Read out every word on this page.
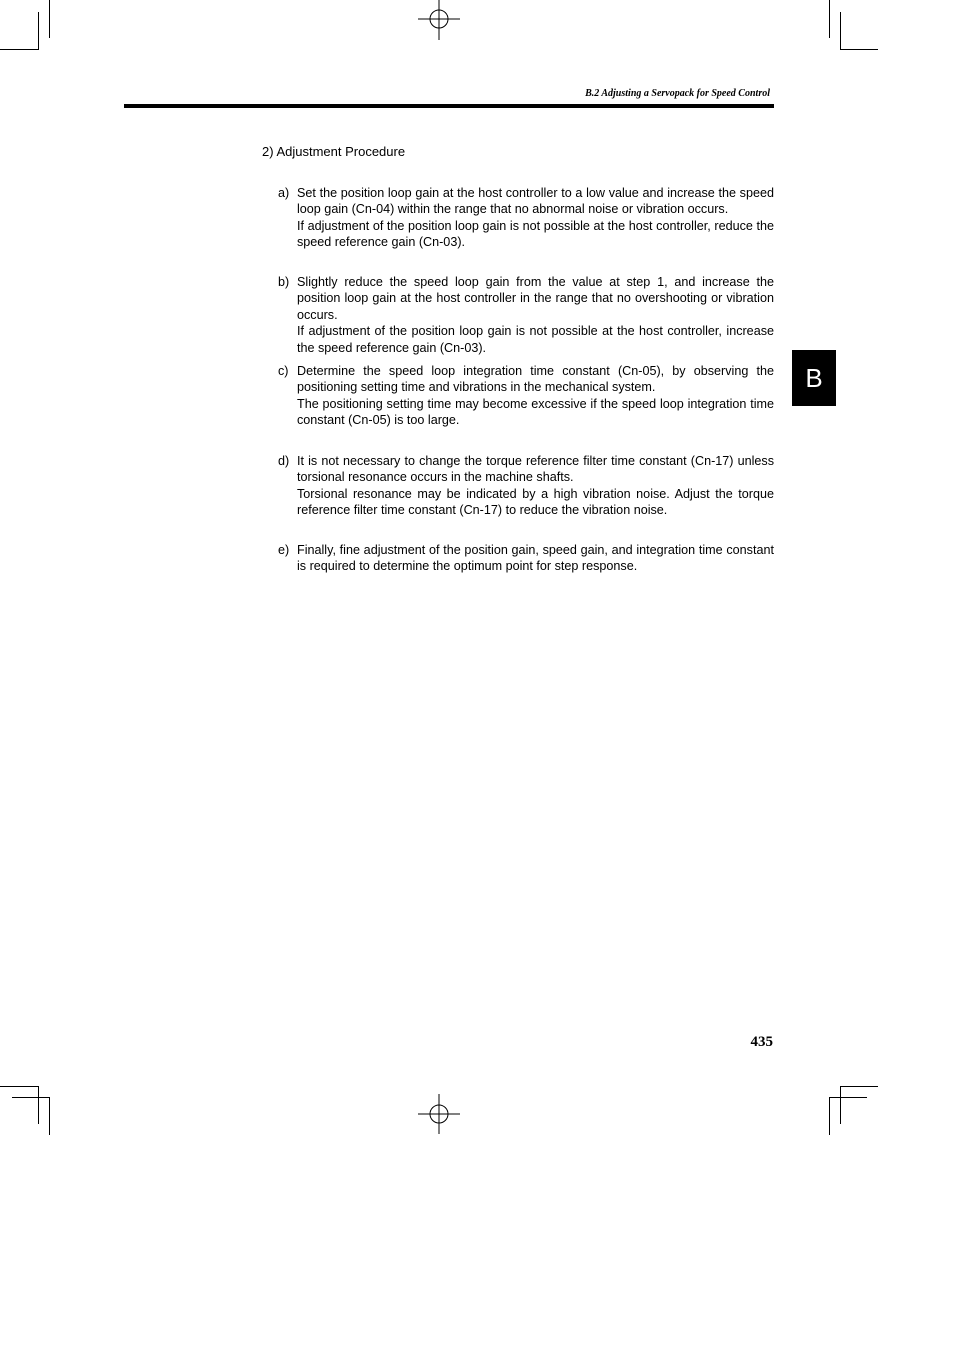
B.2 Adjusting a Servopack for Speed Control
2) Adjustment Procedure
a) Set the position loop gain at the host controller to a low value and increase the speed loop gain (Cn-04) within the range that no abnormal noise or vibration occurs.

If adjustment of the position loop gain is not possible at the host controller, reduce the speed reference gain (Cn-03).

b) Slightly reduce the speed loop gain from the value at step 1, and increase the position loop gain at the host controller in the range that no overshooting or vibration occurs.

If adjustment of the position loop gain is not possible at the host controller, increase the speed reference gain (Cn-03).

c) Determine the speed loop integration time constant (Cn-05), by observing the positioning setting time and vibrations in the mechanical system.

The positioning setting time may become excessive if the speed loop integration time constant (Cn-05) is too large.

d) It is not necessary to change the torque reference filter time constant (Cn-17) unless torsional resonance occurs in the machine shafts.

Torsional resonance may be indicated by a high vibration noise. Adjust the torque reference filter time constant (Cn-17) to reduce the vibration noise.

e) Finally, fine adjustment of the position gain, speed gain, and integration time constant is required to determine the optimum point for step response.

B
435
